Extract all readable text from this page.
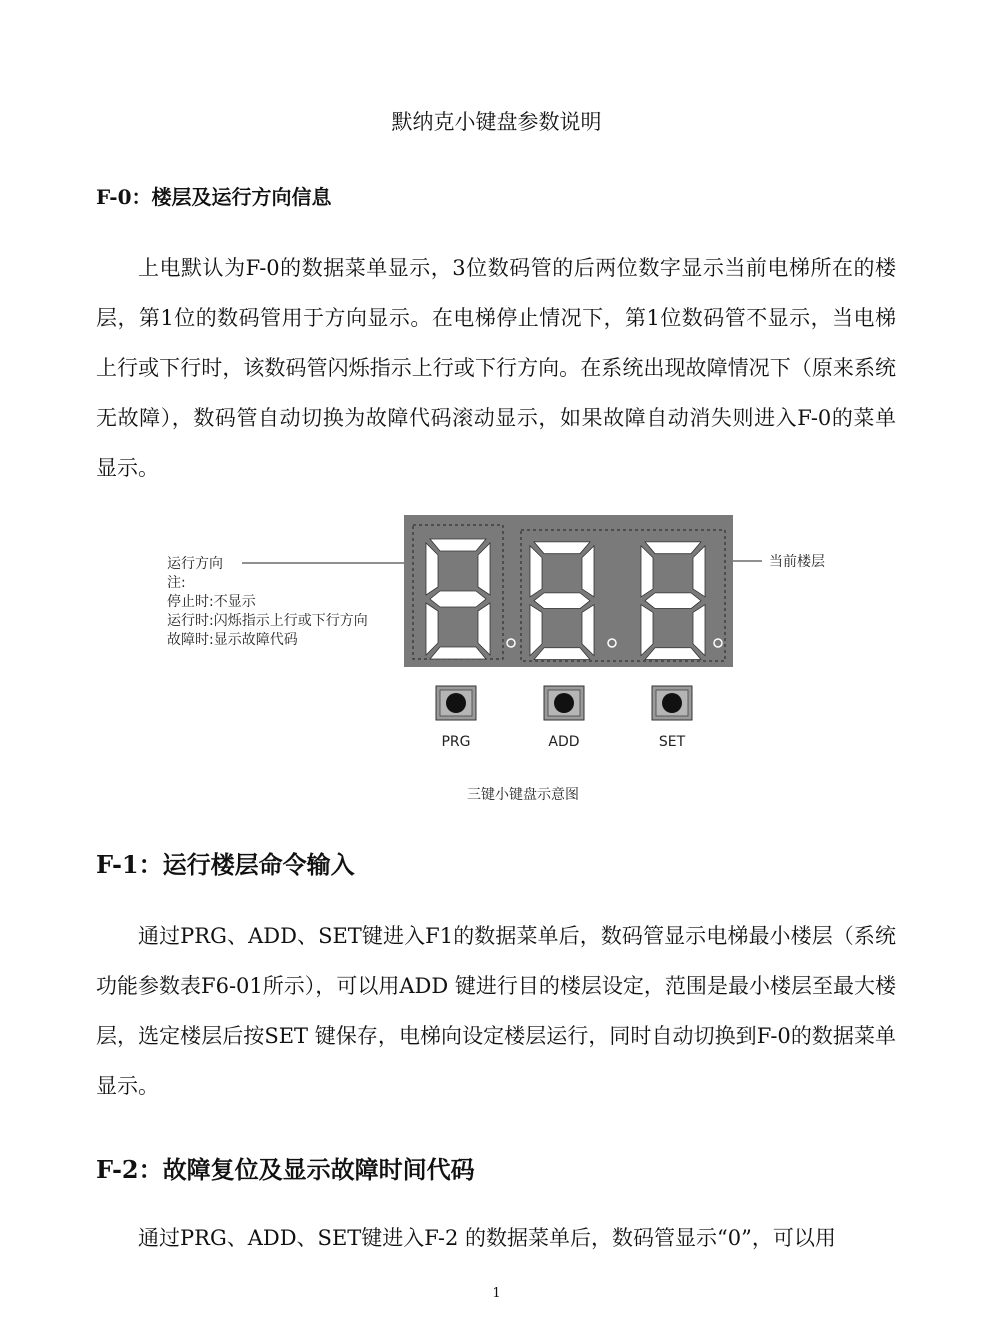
默纳克小键盘参数说明
F-0：楼层及运行方向信息

上电默认为F-0的数据菜单显示，3位数码管的后两位数字显示当前电梯所在的楼层，第1位的数码管用于方向显示。在电梯停止情况下，第1位数码管不显示，当电梯上行或下行时，该数码管闪烁指示上行或下行方向。在系统出现故障情况下（原来系统无故障），数码管自动切换为故障代码滚动显示，如果故障自动消失则进入F-0的菜单显示。

运行方向	当前楼层
PRG	ADD	SET
三键小键盘示意图
注:
停止时:不显示
运行时:闪烁指示上行或下行方向
故障时:显示故障代码
F-1：运行楼层命令输入

通过PRG、ADD、SET键进入F1的数据菜单后，数码管显示电梯最小楼层（系统功能参数表F6-01所示），可以用ADD 键进行目的楼层设定，范围是最小楼层至最大楼层，选定楼层后按SET 键保存，电梯向设定楼层运行，同时自动切换到F-0的数据菜单显示。

F-2：故障复位及显示故障时间代码

通过PRG、ADD、SET键进入F-2 的数据菜单后，数码管显示“0”，可以用

1
